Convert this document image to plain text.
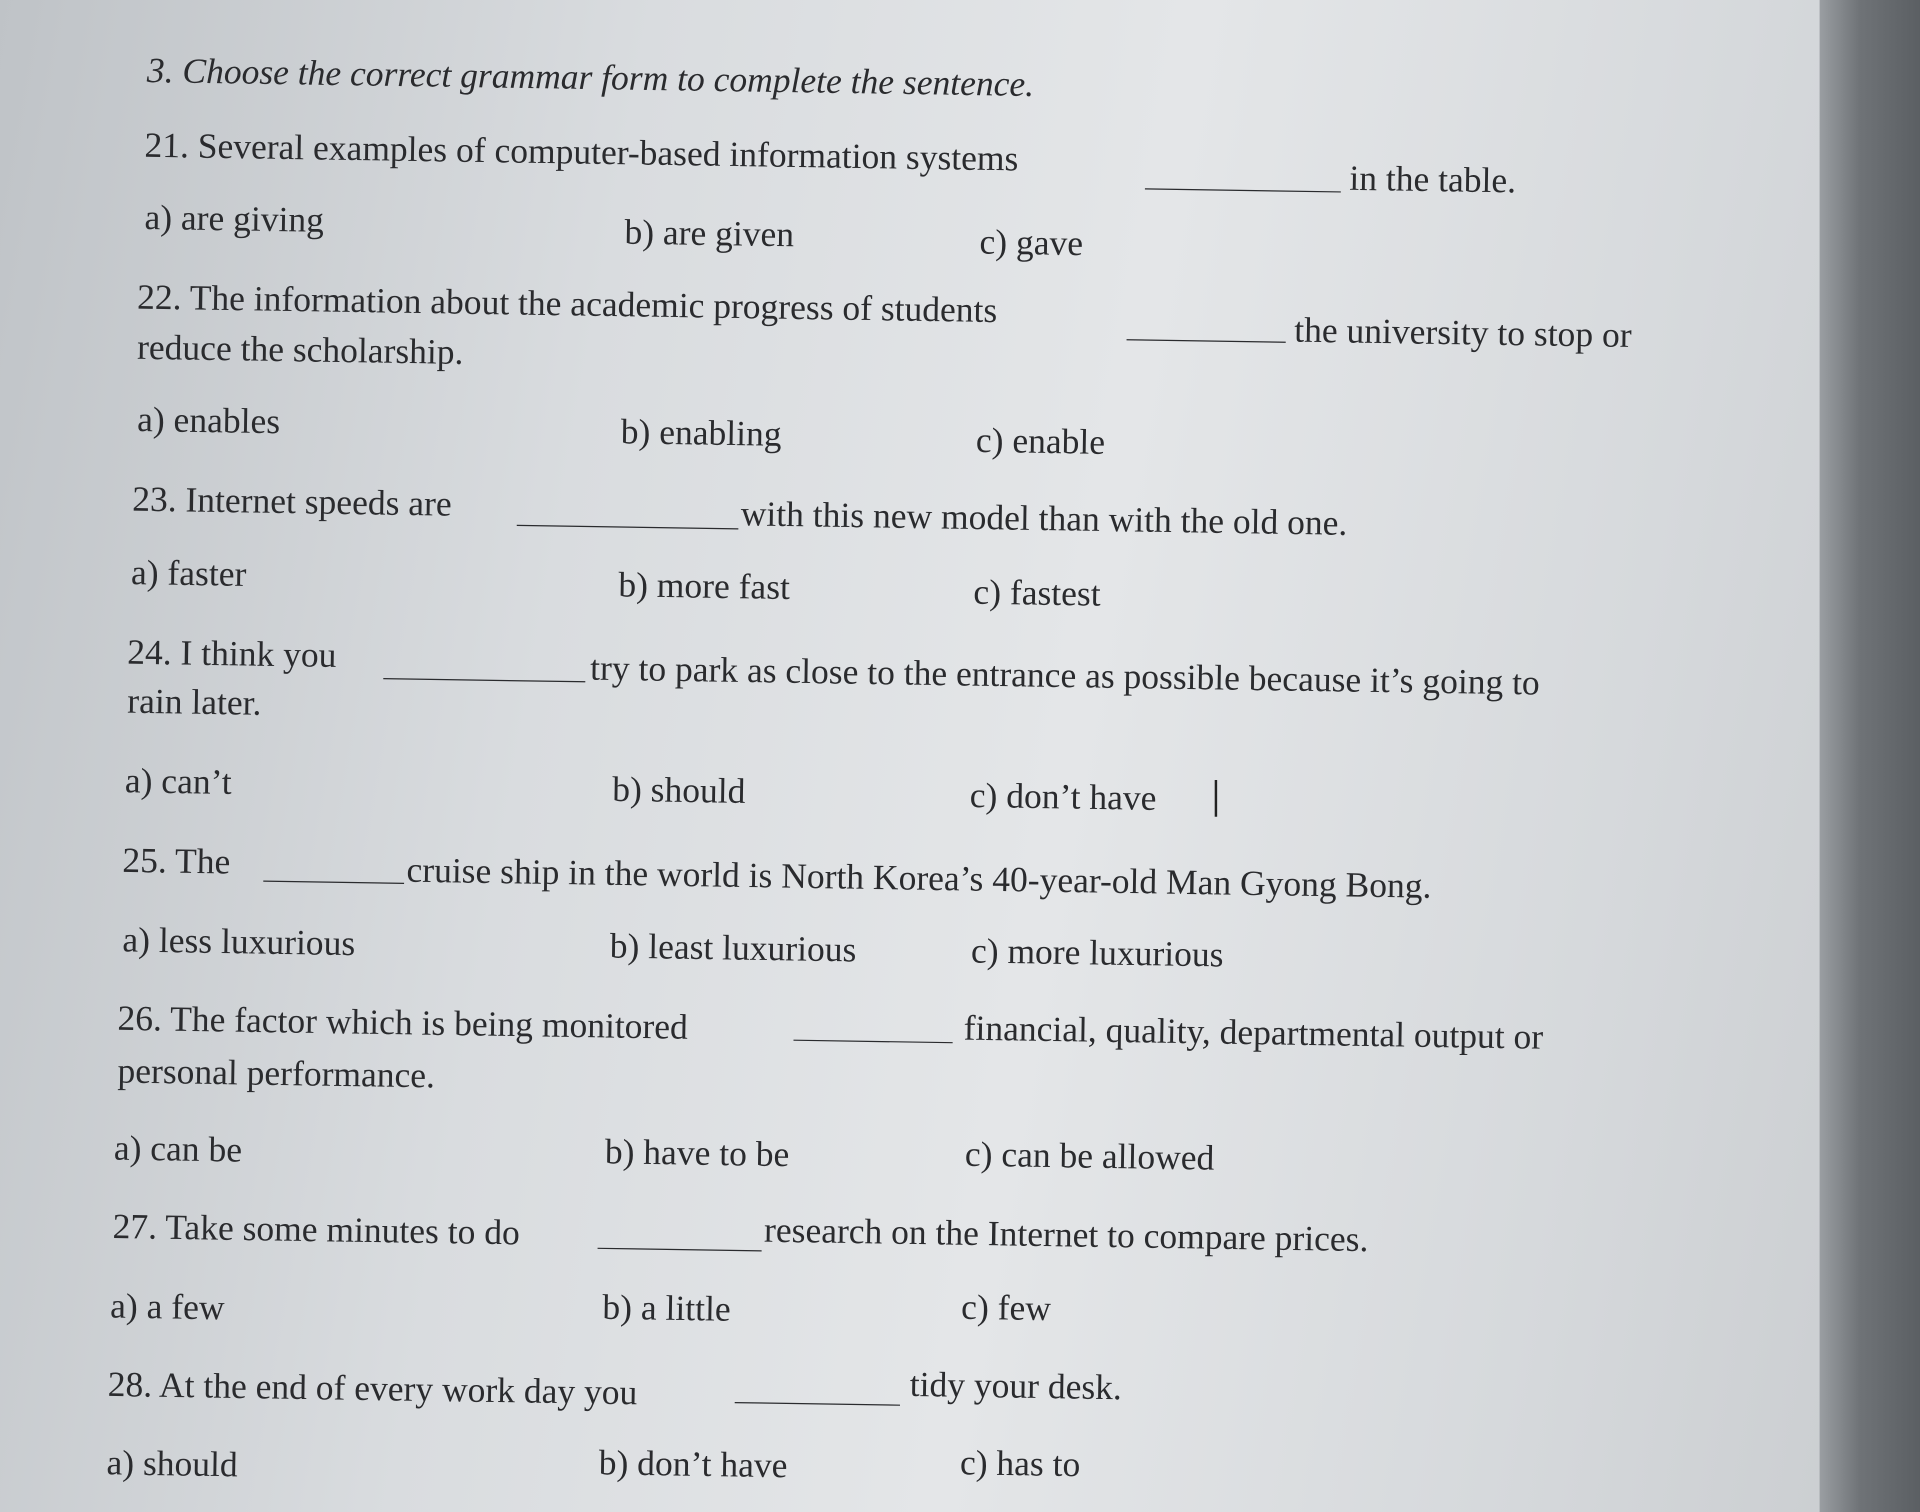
3. Choose the correct grammar form to complete the sentence.
21. Several examples of computer-based information systems
in the table.
a) are giving	b) are given	c) gave
22. The information about the academic progress of students
the university to stop or
reduce the scholarship.
a) enables	b) enabling	c) enable
23. Internet speeds are	with this new model than with the old one.
a) faster	b) more fast	c) fastest
24. I think you	try to park as close to the entrance as possible because it’s going to
rain later.
a) can’t	b) should	c) don’t have
25. The	cruise ship in the world is North Korea’s 40-year-old Man Gyong Bong.
a) less luxurious	b) least luxurious	c) more luxurious
26. The factor which is being monitored	financial, quality, departmental output or
personal performance.
a) can be	b) have to be	c) can be allowed
27. Take some minutes to do	research on the Internet to compare prices.
a) a few	b) a little	c) few
28. At the end of every work day you	tidy your desk.
a) should	b) don’t have	c) has to
